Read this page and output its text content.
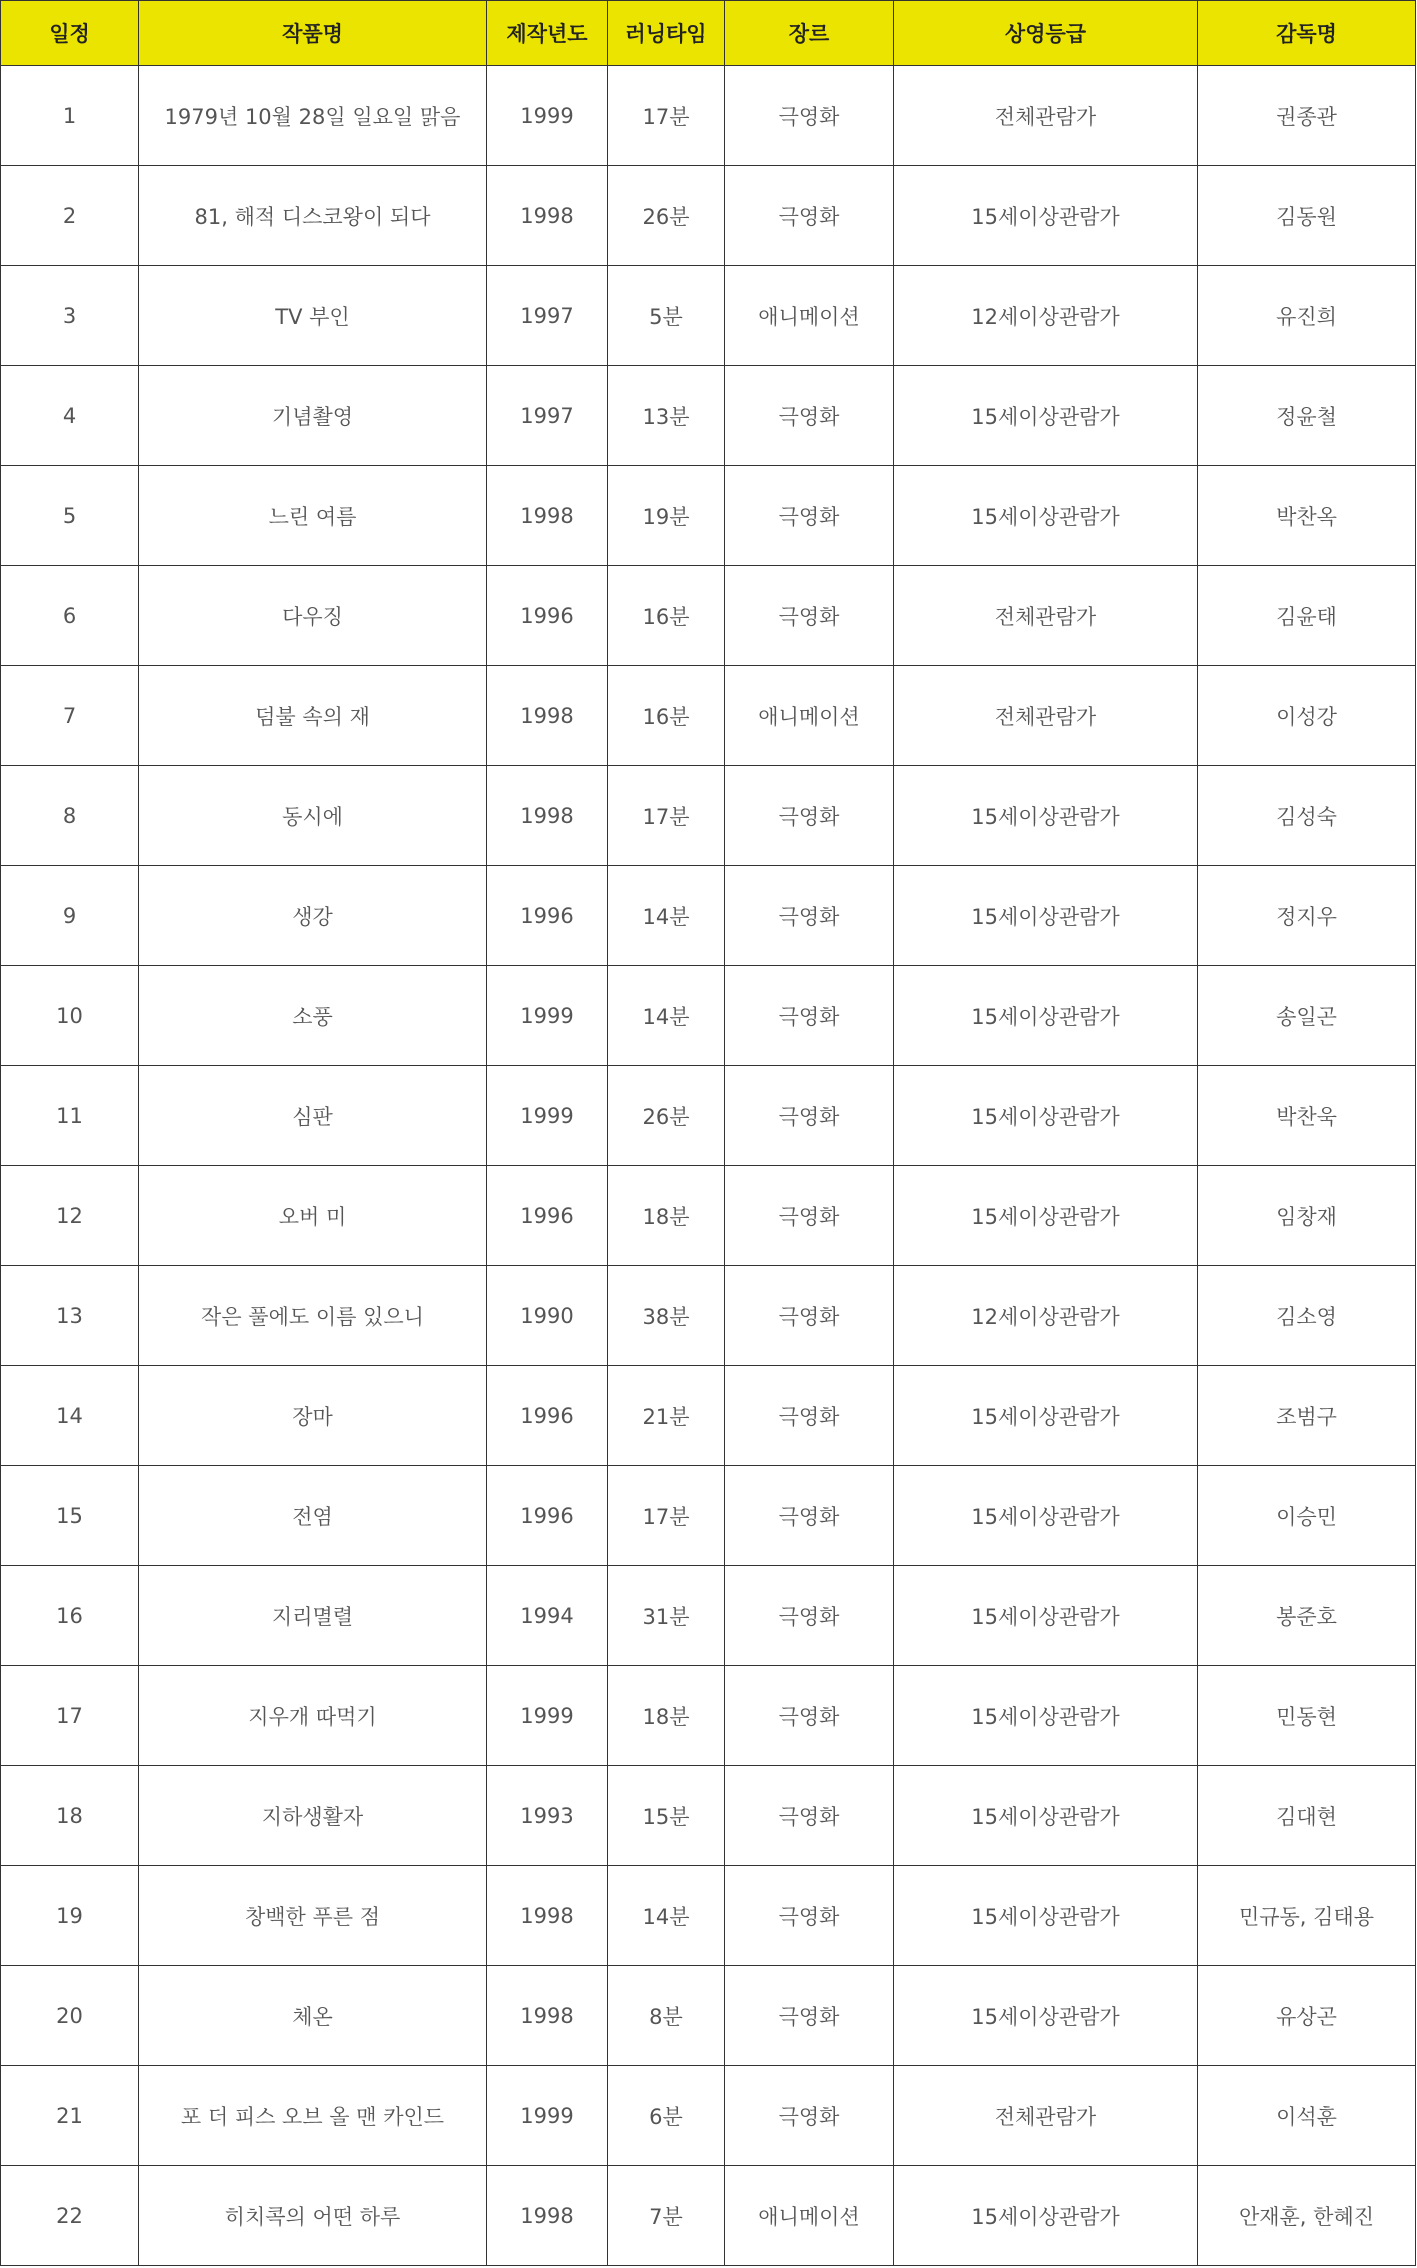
일정	작품명	제작년도	러닝타임	장르	상영등급	감독명
1	1979년 10월 28일 일요일 맑음	1999	17분	극영화	전체관람가	권종관
2	81, 해적 디스코왕이 되다	1998	26분	극영화	15세이상관람가	김동원
3	TV 부인	1997	5분	애니메이션	12세이상관람가	유진희
4	기념촬영	1997	13분	극영화	15세이상관람가	정윤철
5	느린 여름	1998	19분	극영화	15세이상관람가	박찬옥
6	다우징	1996	16분	극영화	전체관람가	김윤태
7	덤불 속의 재	1998	16분	애니메이션	전체관람가	이성강
8	동시에	1998	17분	극영화	15세이상관람가	김성숙
9	생강	1996	14분	극영화	15세이상관람가	정지우
10	소풍	1999	14분	극영화	15세이상관람가	송일곤
11	심판	1999	26분	극영화	15세이상관람가	박찬욱
12	오버 미	1996	18분	극영화	15세이상관람가	임창재
13	작은 풀에도 이름 있으니	1990	38분	극영화	12세이상관람가	김소영
14	장마	1996	21분	극영화	15세이상관람가	조범구
15	전염	1996	17분	극영화	15세이상관람가	이승민
16	지리멸렬	1994	31분	극영화	15세이상관람가	봉준호
17	지우개 따먹기	1999	18분	극영화	15세이상관람가	민동현
18	지하생활자	1993	15분	극영화	15세이상관람가	김대현
19	창백한 푸른 점	1998	14분	극영화	15세이상관람가	민규동, 김태용
20	체온	1998	8분	극영화	15세이상관람가	유상곤
21	포 더 피스 오브 올 맨 카인드	1999	6분	극영화	전체관람가	이석훈
22	히치콕의 어떤 하루	1998	7분	애니메이션	15세이상관람가	안재훈, 한혜진
